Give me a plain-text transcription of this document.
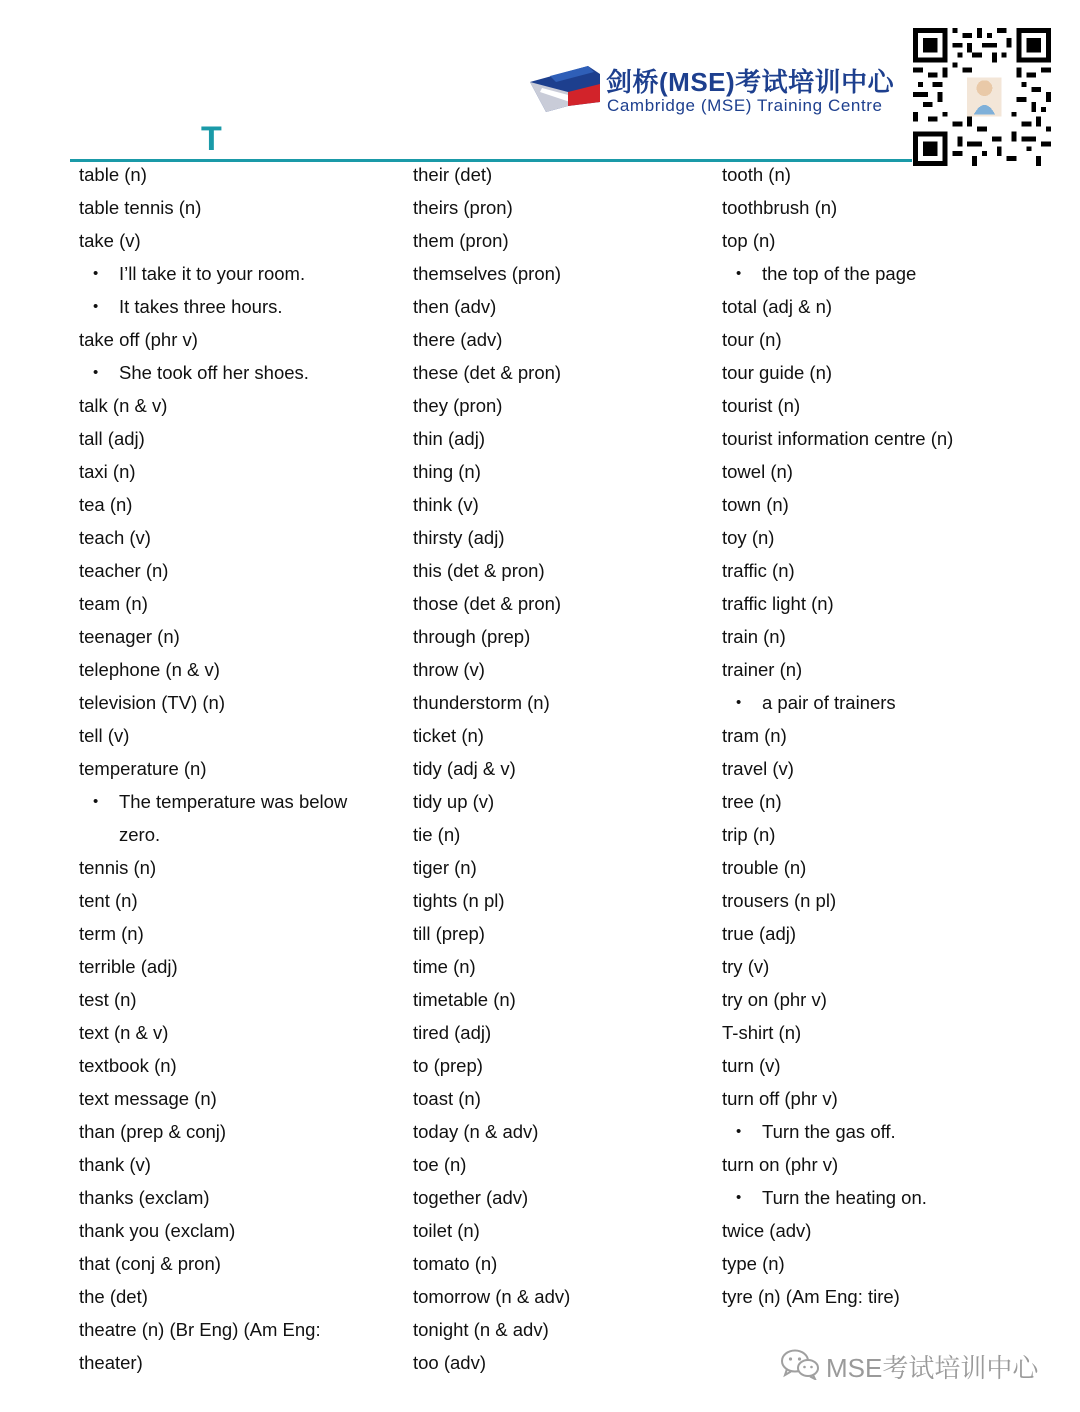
剑桥(MSE)考试培训中心
Cambridge (MSE) Training Centre
T
table (n)
table tennis (n)
take (v)
• I’ll take it to your room.
• It takes three hours.
take off (phr v)
• She took off her shoes.
talk (n & v)
tall (adj)
taxi (n)
tea (n)
teach (v)
teacher (n)
team (n)
teenager (n)
telephone (n & v)
television (TV) (n)
tell (v)
temperature (n)
• The temperature was below
zero.
tennis (n)
tent (n)
term (n)
terrible (adj)
test (n)
text (n & v)
textbook (n)
text message (n)
than (prep & conj)
thank (v)
thanks (exclam)
thank you (exclam)
that (conj & pron)
the (det)
theatre (n) (Br Eng) (Am Eng:
theater)
their (det)
theirs (pron)
them (pron)
themselves (pron)
then (adv)
there (adv)
these (det & pron)
they (pron)
thin (adj)
thing (n)
think (v)
thirsty (adj)
this (det & pron)
those (det & pron)
through (prep)
throw (v)
thunderstorm (n)
ticket (n)
tidy (adj & v)
tidy up (v)
tie (n)
tiger (n)
tights (n pl)
till (prep)
time (n)
timetable (n)
tired (adj)
to (prep)
toast (n)
today (n & adv)
toe (n)
together (adv)
toilet (n)
tomato (n)
tomorrow (n & adv)
tonight (n & adv)
too (adv)
tooth (n)
toothbrush (n)
top (n)
• the top of the page
total (adj & n)
tour (n)
tour guide (n)
tourist (n)
tourist information centre (n)
towel (n)
town (n)
toy (n)
traffic (n)
traffic light (n)
train (n)
trainer (n)
• a pair of trainers
tram (n)
travel (v)
tree (n)
trip (n)
trouble (n)
trousers (n pl)
true (adj)
try (v)
try on (phr v)
T-shirt (n)
turn (v)
turn off (phr v)
• Turn the gas off.
turn on (phr v)
• Turn the heating on.
twice (adv)
type (n)
tyre (n) (Am Eng: tire)
MSE考试培训中心
